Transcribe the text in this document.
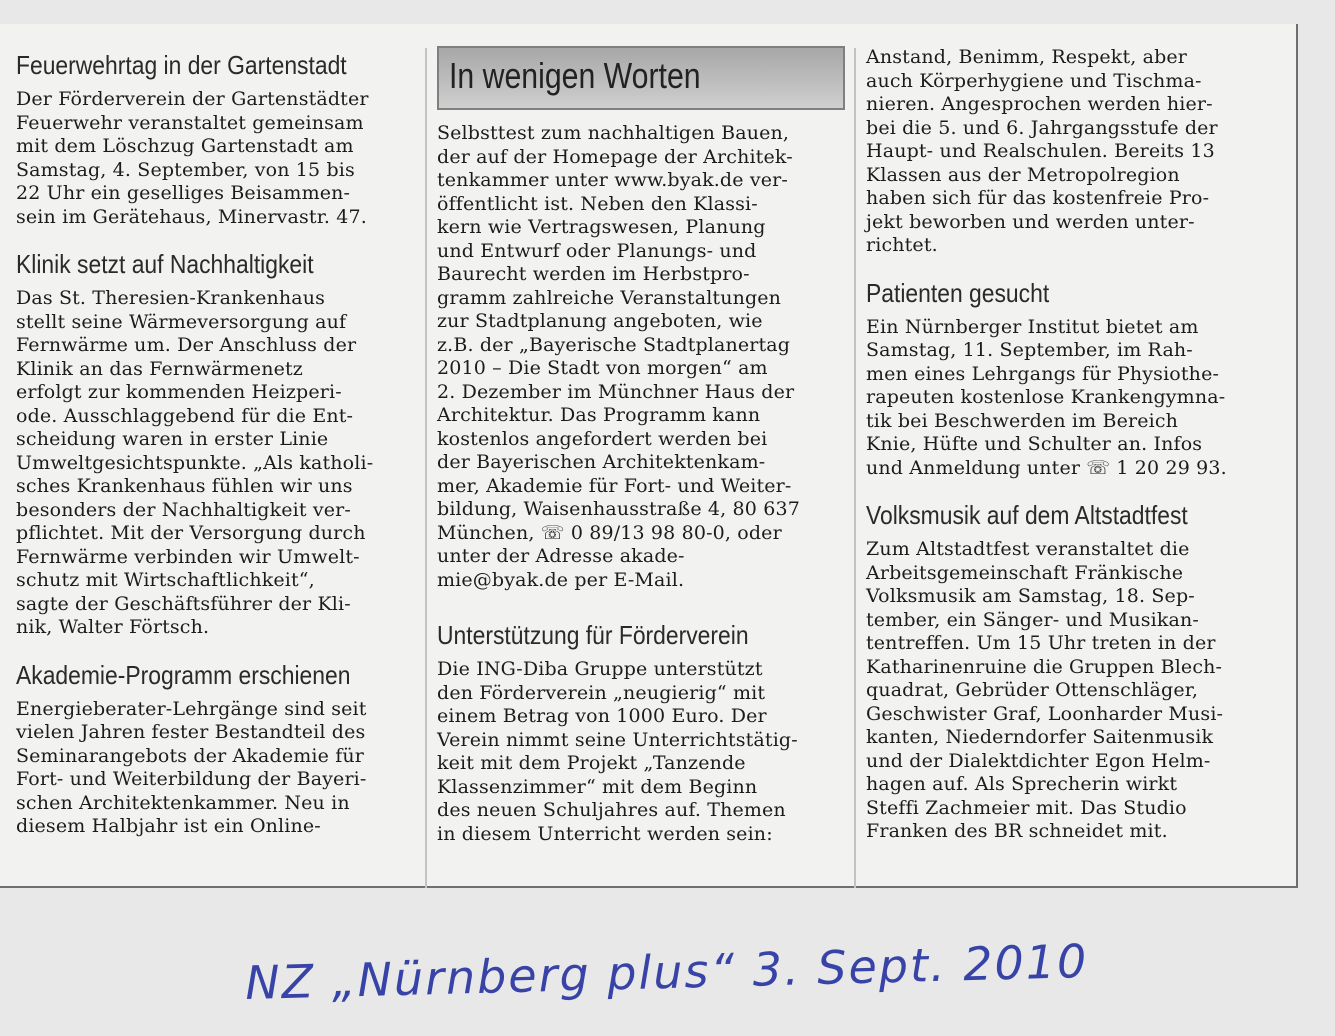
Feuerwehrtag in der Gartenstadt
Der Förderverein der Gartenstädter
Feuerwehr veranstaltet gemeinsam
mit dem Löschzug Gartenstadt am
Samstag, 4. September, von 15 bis
22 Uhr ein geselliges Beisammen-
sein im Gerätehaus, Minervastr. 47.
Klinik setzt auf Nachhaltigkeit
Das St. Theresien-Krankenhaus
stellt seine Wärmeversorgung auf
Fernwärme um. Der Anschluss der
Klinik an das Fernwärmenetz
erfolgt zur kommenden Heizperi-
ode. Ausschlaggebend für die Ent-
scheidung waren in erster Linie
Umweltgesichtspunkte. „Als katholi-
sches Krankenhaus fühlen wir uns
besonders der Nachhaltigkeit ver-
pflichtet. Mit der Versorgung durch
Fernwärme verbinden wir Umwelt-
schutz mit Wirtschaftlichkeit“,
sagte der Geschäftsführer der Kli-
nik, Walter Förtsch.
Akademie-Programm erschienen
Energieberater-Lehrgänge sind seit
vielen Jahren fester Bestandteil des
Seminarangebots der Akademie für
Fort- und Weiterbildung der Bayeri-
schen Architektenkammer. Neu in
diesem Halbjahr ist ein Online-
In wenigen Worten
Selbsttest zum nachhaltigen Bauen,
der auf der Homepage der Architek-
tenkammer unter www.byak.de ver-
öffentlicht ist. Neben den Klassi-
kern wie Vertragswesen, Planung
und Entwurf oder Planungs- und
Baurecht werden im Herbstpro-
gramm zahlreiche Veranstaltungen
zur Stadtplanung angeboten, wie
z.B. der „Bayerische Stadtplanertag
2010 – Die Stadt von morgen“ am
2. Dezember im Münchner Haus der
Architektur. Das Programm kann
kostenlos angefordert werden bei
der Bayerischen Architektenkam-
mer, Akademie für Fort- und Weiter-
bildung, Waisenhausstraße 4, 80 637
München, ☏ 0 89/13 98 80-0, oder
unter der Adresse akade-
mie@byak.de per E-Mail.
Unterstützung für Förderverein
Die ING-Diba Gruppe unterstützt
den Förderverein „neugierig“ mit
einem Betrag von 1000 Euro. Der
Verein nimmt seine Unterrichtstätig-
keit mit dem Projekt „Tanzende
Klassenzimmer“ mit dem Beginn
des neuen Schuljahres auf. Themen
in diesem Unterricht werden sein:
Anstand, Benimm, Respekt, aber
auch Körperhygiene und Tischma-
nieren. Angesprochen werden hier-
bei die 5. und 6. Jahrgangsstufe der
Haupt- und Realschulen. Bereits 13
Klassen aus der Metropolregion
haben sich für das kostenfreie Pro-
jekt beworben und werden unter-
richtet.
Patienten gesucht
Ein Nürnberger Institut bietet am
Samstag, 11. September, im Rah-
men eines Lehrgangs für Physiothe-
rapeuten kostenlose Krankengymna-
tik bei Beschwerden im Bereich
Knie, Hüfte und Schulter an. Infos
und Anmeldung unter ☏ 1 20 29 93.
Volksmusik auf dem Altstadtfest
Zum Altstadtfest veranstaltet die
Arbeitsgemeinschaft Fränkische
Volksmusik am Samstag, 18. Sep-
tember, ein Sänger- und Musikan-
tentreffen. Um 15 Uhr treten in der
Katharinenruine die Gruppen Blech-
quadrat, Gebrüder Ottenschläger,
Geschwister Graf, Loonharder Musi-
kanten, Niederndorfer Saitenmusik
und der Dialektdichter Egon Helm-
hagen auf. Als Sprecherin wirkt
Steffi Zachmeier mit. Das Studio
Franken des BR schneidet mit.
NZ „Nürnberg plus“ 3. Sept. 2010
